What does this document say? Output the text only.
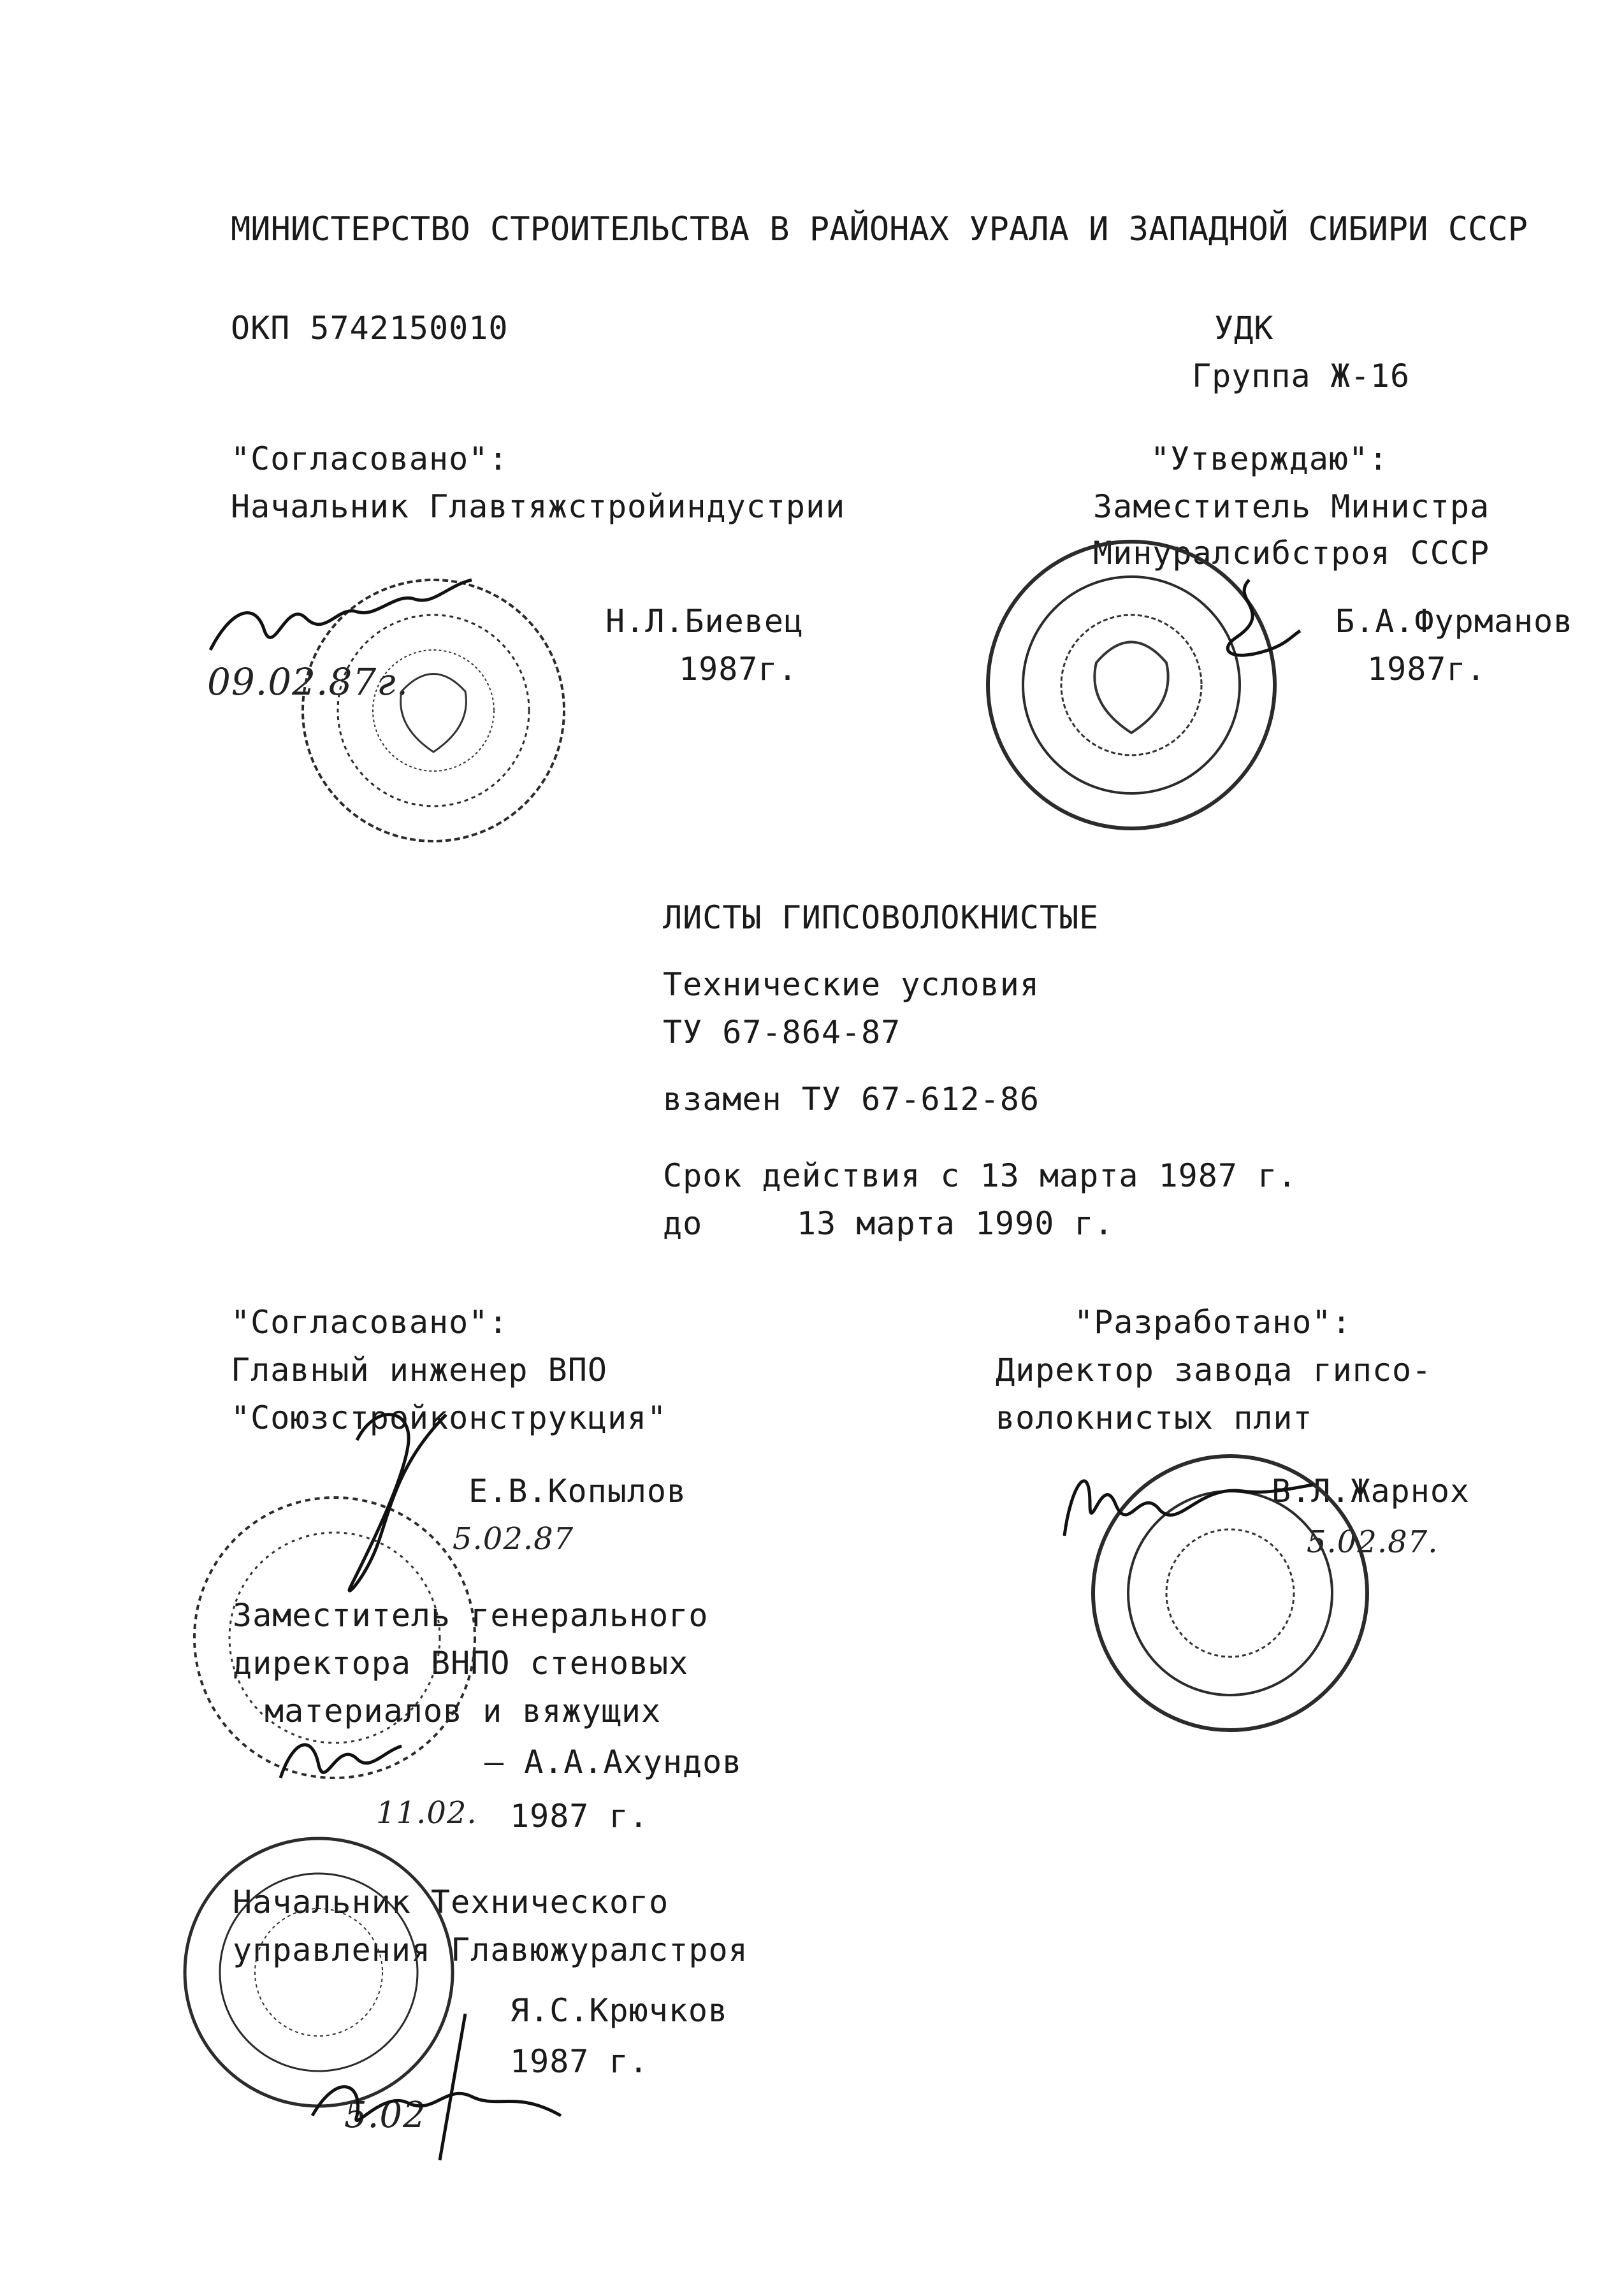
МИНИСТЕРСТВО СТРОИТЕЛЬСТВА В РАЙОНАХ УРАЛА И ЗАПАДНОЙ СИБИРИ СССР
ОКП 5742150010	УДК
Группа Ж-16
"Согласовано":
Начальник Главтяжстройиндустрии
Н.Л.Биевец
1987г.
09.02.87г.
"Утверждаю":
Заместитель Министра
Минуралсибстроя СССР
Б.А.Фурманов
1987г.
ЛИСТЫ ГИПСОВОЛОКНИСТЫЕ
Технические условия
ТУ 67-864-87
взамен ТУ 67-612-86
Срок действия с 13 марта 1987 г.
до	13 марта 1990 г.
"Согласовано":
Главный инженер ВПО
"Союзстройконструкция"
Е.В.Копылов
5.02.87
"Разработано":
Директор завода гипсо-
волокнистых плит
В.Л.Жарнох
5.02.87.
Заместитель генерального
директора ВНПО стеновых
материалов и вяжущих
— А.А.Ахундов
11.02. 1987 г.
Начальник Технического
управления Главюжуралстроя
Я.С.Крючков
1987 г.
5.02
